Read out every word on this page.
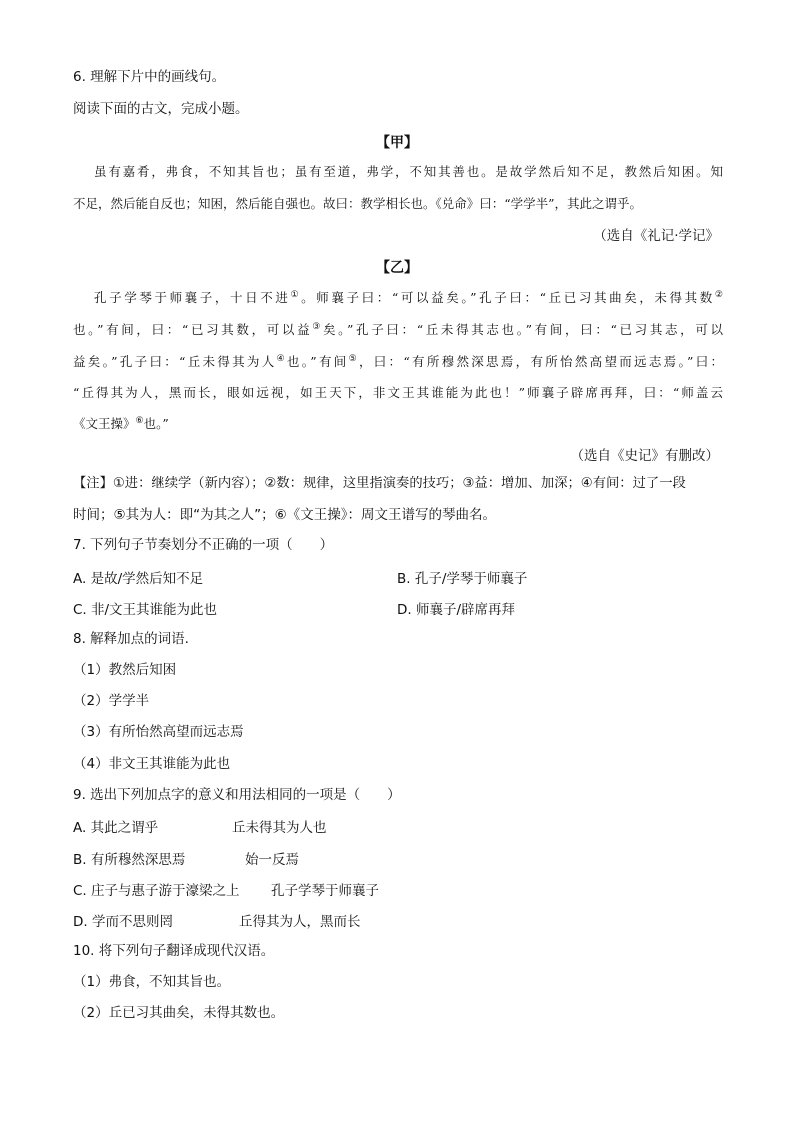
6. 理解下片中的画线句。
阅读下面的古文，完成小题。
【甲】
虽有嘉肴，弗食，不知其旨也；虽有至道，弗学，不知其善也。是故学然后知不足，教然后知困。知
不足，然后能自反也；知困，然后能自强也。故曰：教学相长也。《兑命》曰：“学学半”，其此之谓乎。
（选自《礼记·学记》
【乙】
孔子学琴于师襄子，十日不进①。师襄子曰：“可以益矣。”孔子曰：“丘已习其曲矣，未得其数②
也。”有间，曰：“已习其数，可以益③矣。”孔子曰：“丘未得其志也。”有间，曰：“已习其志，可以
益矣。”孔子曰：“丘未得其为人④也。”有间⑤，曰：“有所穆然深思焉，有所怡然高望而远志焉。”曰：
“丘得其为人，黑而长，眼如远视，如王天下，非文王其谁能为此也！”师襄子辟席再拜，曰：“师盖云
《文王操》⑥也。”
（选自《史记》有删改）
【注】①进：继续学（新内容）；②数：规律，这里指演奏的技巧；③益：增加、加深；④有间：过了一段
时间；⑤其为人：即“为其之人”；⑥《文王操》：周文王谱写的琴曲名。
7. 下列句子节奏划分不正确的一项（　　）
A. 是故/学然后知不足	B. 孔子/学琴于师襄子
C. 非/文王其谁能为此也	D. 师襄子/辟席再拜
8. 解释加点的词语.
（1）教然后知困
（2）学学半
（3）有所怡然高望而远志焉
（4）非文王其谁能为此也
9. 选出下列加点字的意义和用法相同的一项是（　　）
A. 其此之谓乎	丘未得其为人也
B. 有所穆然深思焉	始一反焉
C. 庄子与惠子游于濠梁之上 孔子学琴于师襄子
D. 学而不思则罔	丘得其为人，黑而长
10. 将下列句子翻译成现代汉语。
（1）弗食，不知其旨也。
（2）丘已习其曲矣，未得其数也。
